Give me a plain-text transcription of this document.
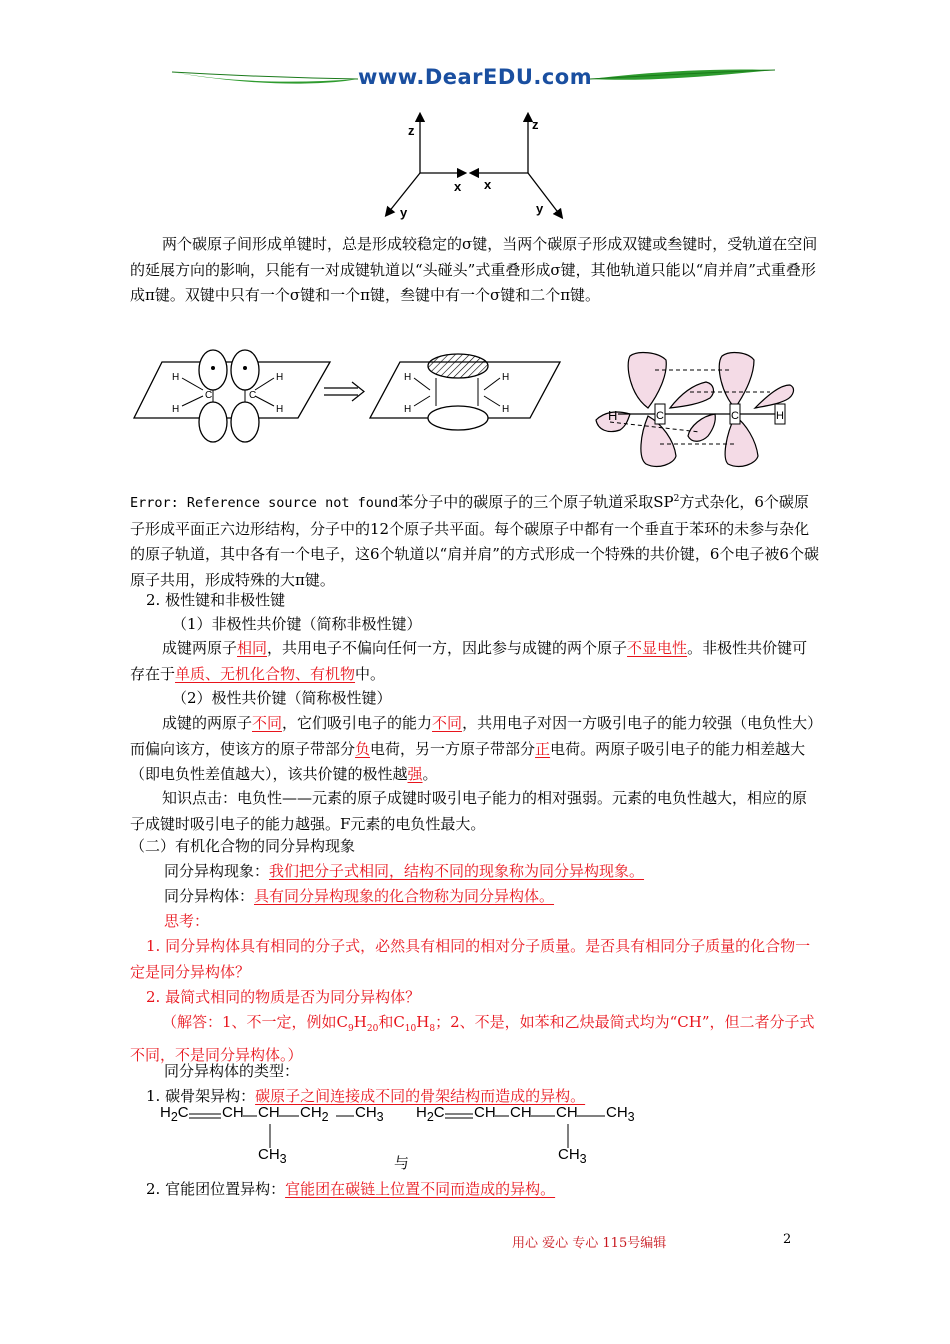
www.DearEDU.com
z	z
x x
y	y

两个碳原子间形成单键时，总是形成较稳定的σ键，当两个碳原子形成双键或叁键时，受轨道在空间的延展方向的影响，只能有一对成键轨道以“头碰头”式重叠形成σ键，其他轨道只能以“肩并肩”式重叠形成π键。双键中只有一个σ键和一个π键，叁键中有一个σ键和二个π键。

H
H
H
H
C	C
H
H
H
H	H	C	C	H

Error: Reference source not found苯分子中的碳原子的三个原子轨道采取$SP^2$方式杂化，6个碳原子形成平面正六边形结构，分子中的12个原子共平面。每个碳原子中都有一个垂直于苯环的未参与杂化的原子轨道，其中各有一个电子，这6个轨道以“肩并肩”的方式形成一个特殊的共价键，6个电子被6个碳原子共用，形成特殊的大π键。

2. 极性键和非极性键
（1）非极性共价键（简称非极性键）

成键两原子相同，共用电子不偏向任何一方，因此参与成键的两个原子不显电性。非极性共价键可存在于单质、无机化合物、有机物中。

（2）极性共价键（简称极性键）

成键的两原子不同，它们吸引电子的能力不同，共用电子对因一方吸引电子的能力较强（电负性大）而偏向该方，使该方的原子带部分负电荷，另一方原子带部分正电荷。两原子吸引电子的能力相差越大（即电负性差值越大），该共价键的极性越强。

知识点击：电负性——元素的原子成键时吸引电子能力的相对强弱。元素的电负性越大，相应的原子成键时吸引电子的能力越强。F元素的电负性最大。

（二）有机化合物的同分异构现象
同分异构现象：我们把分子式相同，结构不同的现象称为同分异构现象。
同分异构体：具有同分异构现象的化合物称为同分异构体。
思考：

1. 同分异构体具有相同的分子式，必然具有相同的相对分子质量。是否具有相同分子质量的化合物一定是同分异构体？

2. 最简式相同的物质是否为同分异构体？

（解答：1、不一定，例如$C_9H_{20}$和$C_{10}H_8$；2、不是，如苯和乙炔最简式均为“CH”，但二者分子式不同，不是同分异构体。）

同分异构体的类型：
1. 碳骨架异构：碳原子之间连接成不同的骨架结构而造成的异构。
$H_2C$ CH CH $CH_2$ $CH_3$
$CH_3$	与
$H_2C$ CH CH CH $CH_3$
$CH_3$
2. 官能团位置异构：官能团在碳链上位置不同而造成的异构。
用心 爱心 专心 115号编辑	2
